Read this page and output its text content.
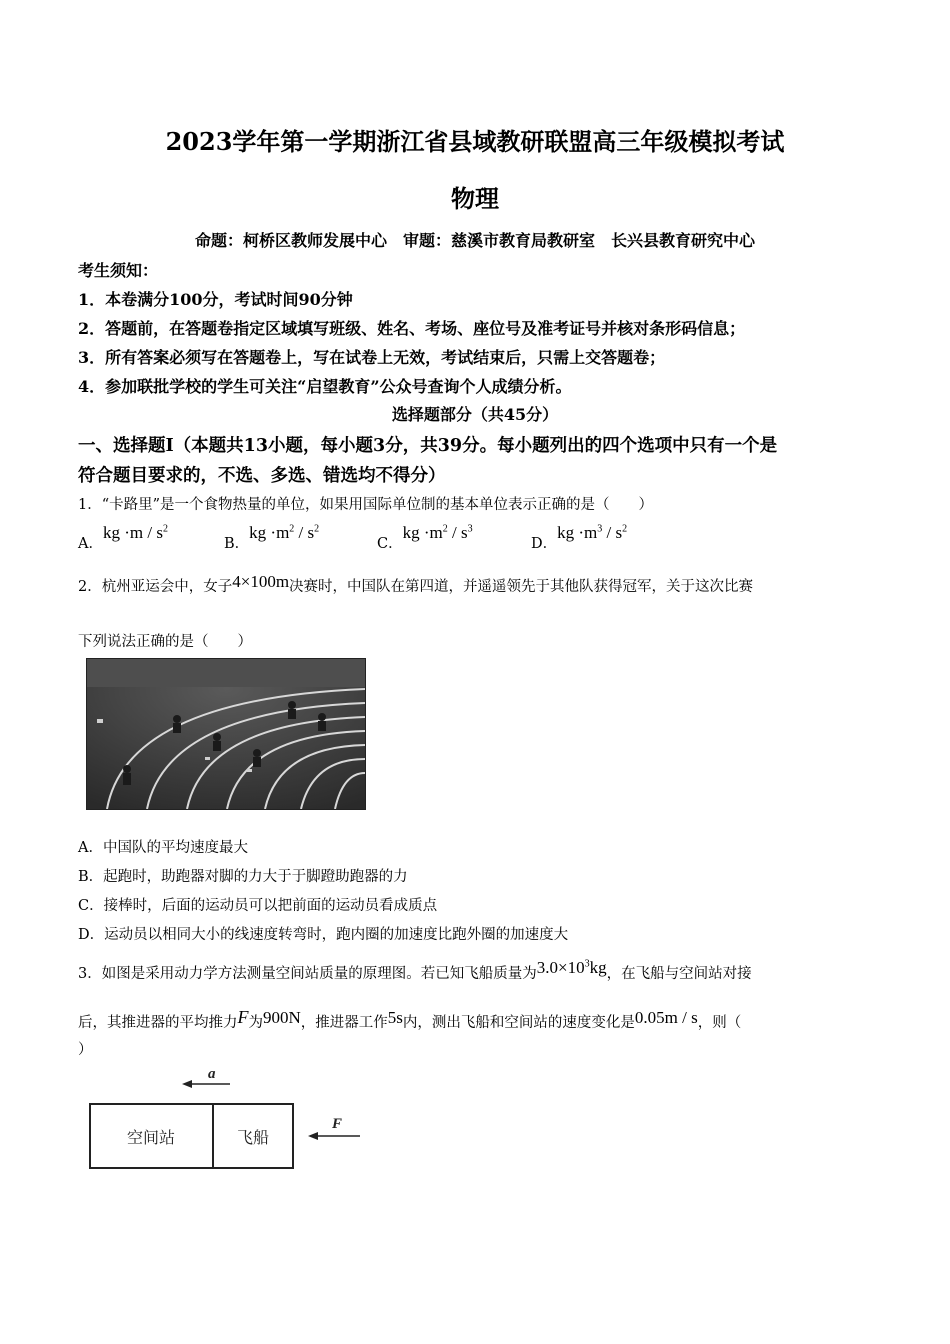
2023学年第一学期浙江省县域教研联盟高三年级模拟考试
物理
命题：柯桥区教师发展中心　审题：慈溪市教育局教研室　长兴县教育研究中心
考生须知：
1．本卷满分100分，考试时间90分钟
2．答题前，在答题卷指定区域填写班级、姓名、考场、座位号及准考证号并核对条形码信息；
3．所有答案必须写在答题卷上，写在试卷上无效，考试结束后，只需上交答题卷；
4．参加联批学校的学生可关注“启望教育”公众号查询个人成绩分析。
选择题部分（共45分）
一、选择题Ⅰ（本题共13小题，每小题3分，共39分。每小题列出的四个选项中只有一个是
符合题目要求的，不选、多选、错选均不得分）
1．“卡路里”是一个食物热量的单位，如果用国际单位制的基本单位表示正确的是（　　）
A．kg $\cdot m / s^2$
B．kg $\cdot m^2 / s^2$
C．kg $\cdot m^2 / s^3$
D．kg $\cdot m^3 / s^2$
2．杭州亚运会中，女子4×100m决赛时，中国队在第四道，并遥遥领先于其他队获得冠军，关于这次比赛
下列说法正确的是（　　）
A．中国队的平均速度最大
B．起跑时，助跑器对脚的力大于于脚蹬助跑器的力
C．接棒时，后面的运动员可以把前面的运动员看成质点
D．运动员以相同大小的线速度转弯时，跑内圈的加速度比跑外圈的加速度大
3．如图是采用动力学方法测量空间站质量的原理图。若已知飞船质量为$3.0\times 10^3kg$，在飞船与空间站对接
后，其推进器的平均推力F为900N，推进器工作5s内，测出飞船和空间站的速度变化是0.05m / s，则（
）
a
空间站	飞船
F
